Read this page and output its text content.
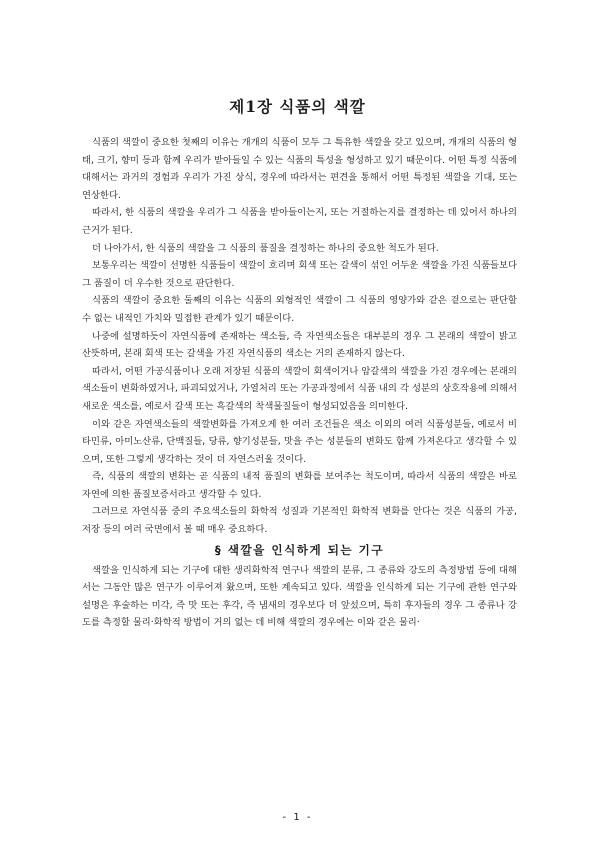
제1장 식품의 색깔

식품의 색깔이 중요한 첫째의 이유는 개개의 식품이 모두 그 특유한 색깔을 갖고 있으며, 개개의 식품의 형태, 크기, 향미 등과 함께 우리가 받아들일 수 있는 식품의 특성을 형성하고 있기 때문이다. 어떤 특정 식품에 대해서는 과거의 경험과 우리가 가진 상식, 경우에 따라서는 편견을 통해서 어떤 특정된 색깔을 기대, 또는 연상한다.

따라서, 한 식품의 색깔을 우리가 그 식품을 받아들이는지, 또는 거절하는지를 결정하는 데 있어서 하나의 근거가 된다.

더 나아가서, 한 식품의 색깔을 그 식품의 품질을 결정하는 하나의 중요한 척도가 된다.

보통우리는 색깔이 선명한 식품들이 색깔이 흐리며 회색 또는 갈색이 섞인 어두운 색깔을 가진 식품들보다 그 품질이 더 우수한 것으로 판단한다.

식품의 색깔이 중요한 둘째의 이유는 식품의 외형적인 색깔이 그 식품의 영양가와 같은 겉으로는 판단할 수 없는 내적인 가치와 밀접한 관계가 있기 때문이다.

나중에 설명하듯이 자연식품에 존재하는 색소들, 즉 자연색소들은 대부분의 경우 그 본래의 색깔이 밝고 산뜻하며, 본래 회색 또는 갈색을 가진 자연식품의 색소는 거의 존재하지 않는다.

따라서, 어떤 가공식품이나 오래 저장된 식품의 색깔이 회색이거나 암갈색의 색깔을 가진 경우에는 본래의 색소들이 변화하였거나, 파괴되었거나, 가열처리 또는 가공과정에서 식품 내의 각 성분의 상호작용에 의해서 새로운 색소를, 예로서 갈색 또는 흑갈색의 착색물질들이 형성되었음을 의미한다.

이와 같은 자연색소들의 색깔변화를 가져오게 한 여러 조건들은 색소 이외의 여러 식품성분들, 예로서 비타민류, 아미노산류, 단백질들, 당류, 향기성분들, 맛을 주는 성분들의 변화도 함께 가져온다고 생각할 수 있으며, 또한 그렇게 생각하는 것이 더 자연스러울 것이다.

즉, 식품의 색깔의 변화는 곧 식품의 내적 품질의 변화를 보여주는 척도이며, 따라서 식품의 색깔은 바로 자연에 의한 품질보증서라고 생각할 수 있다.

그러므로 자연식품 중의 주요색소들의 화학적 성질과 기본적인 화학적 변화를 안다는 것은 식품의 가공, 저장 등의 여러 국면에서 볼 때 매우 중요하다.

§ 색깔을 인식하게 되는 기구

색깔을 인식하게 되는 기구에 대한 생리화학적 연구나 색깔의 분류, 그 종류와 강도의 측정방법 등에 대해서는 그동안 많은 연구가 이루어져 왔으며, 또한 계속되고 있다. 색깔을 인식하게 되는 기구에 관한 연구와 설명은 후술하는 미각, 즉 맛 또는 후각, 즉 냄새의 경우보다 더 앞섰으며, 특히 후자들의 경우 그 종류나 강도를 측정할 물리·화학적 방법이 거의 없는 데 비해 색깔의 경우에는 이와 같은 물리·

- 1 -
